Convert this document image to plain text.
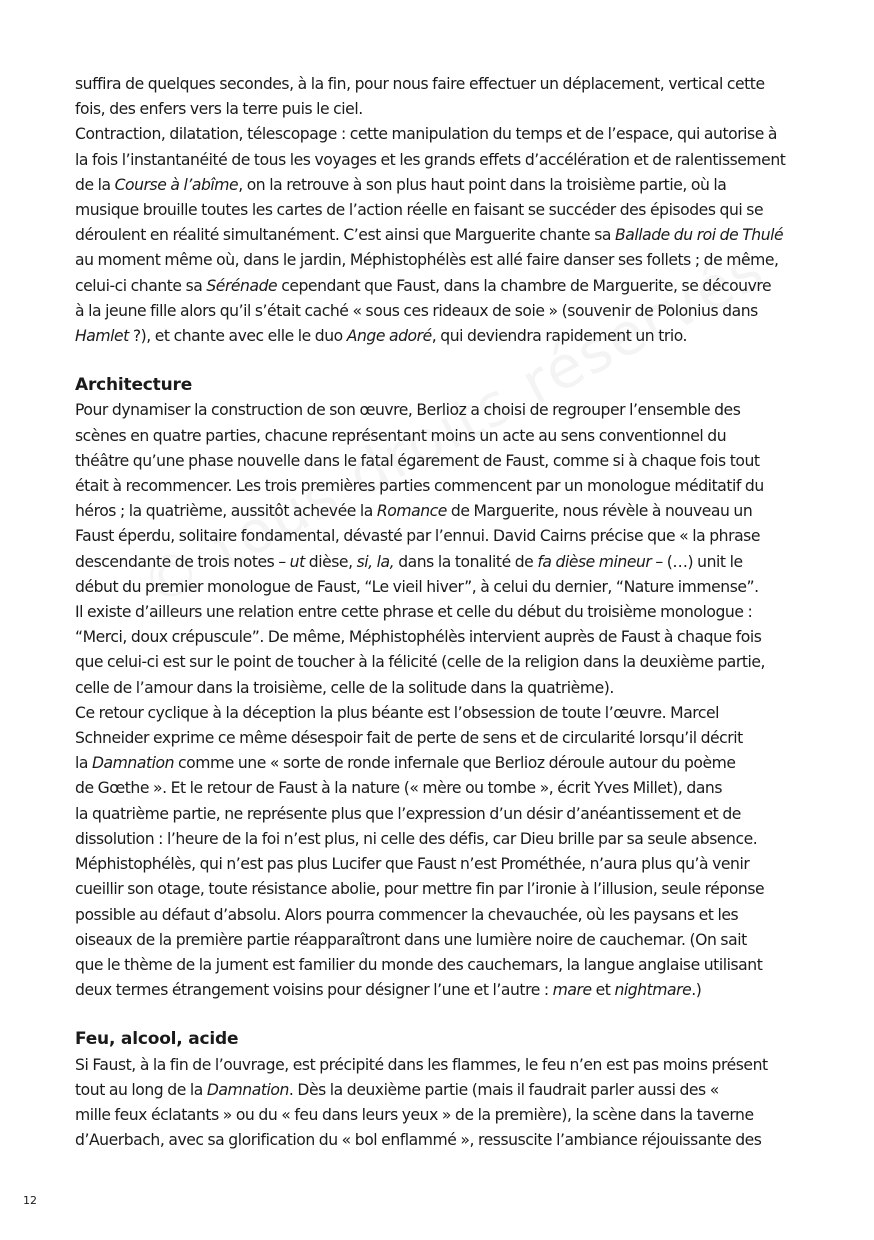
suffira de quelques secondes, à la fin, pour nous faire effectuer un déplacement, vertical cette
fois, des enfers vers la terre puis le ciel.

Contraction, dilatation, télescopage : cette manipulation du temps et de l’espace, qui autorise à
la fois l’instantanéité de tous les voyages et les grands effets d’accélération et de ralentissement
de la Course à l’abîme, on la retrouve à son plus haut point dans la troisième partie, où la
musique brouille toutes les cartes de l’action réelle en faisant se succéder des épisodes qui se
déroulent en réalité simultanément. C’est ainsi que Marguerite chante sa Ballade du roi de Thulé
au moment même où, dans le jardin, Méphistophélès est allé faire danser ses follets ; de même,
celui-ci chante sa Sérénade cependant que Faust, dans la chambre de Marguerite, se découvre
à la jeune fille alors qu’il s’était caché « sous ces rideaux de soie » (souvenir de Polonius dans
Hamlet ?), et chante avec elle le duo Ange adoré, qui deviendra rapidement un trio.

Architecture

Pour dynamiser la construction de son œuvre, Berlioz a choisi de regrouper l’ensemble des
scènes en quatre parties, chacune représentant moins un acte au sens conventionnel du
théâtre qu’une phase nouvelle dans le fatal égarement de Faust, comme si à chaque fois tout
était à recommencer. Les trois premières parties commencent par un monologue méditatif du
héros ; la quatrième, aussitôt achevée la Romance de Marguerite, nous révèle à nouveau un
Faust éperdu, solitaire fondamental, dévasté par l’ennui. David Cairns précise que « la phrase
descendante de trois notes – ut dièse, si, la, dans la tonalité de fa dièse mineur – (…) unit le
début du premier monologue de Faust, “Le vieil hiver”, à celui du dernier, “Nature immense”.
Il existe d’ailleurs une relation entre cette phrase et celle du début du troisième monologue :
“Merci, doux crépuscule”. De même, Méphistophélès intervient auprès de Faust à chaque fois
que celui-ci est sur le point de toucher à la félicité (celle de la religion dans la deuxième partie,
celle de l’amour dans la troisième, celle de la solitude dans la quatrième).

Ce retour cyclique à la déception la plus béante est l’obsession de toute l’œuvre. Marcel
Schneider exprime ce même désespoir fait de perte de sens et de circularité lorsqu’il décrit
la Damnation comme une « sorte de ronde infernale que Berlioz déroule autour du poème
de Gœthe ». Et le retour de Faust à la nature (« mère ou tombe », écrit Yves Millet), dans
la quatrième partie, ne représente plus que l’expression d’un désir d’anéantissement et de
dissolution : l’heure de la foi n’est plus, ni celle des défis, car Dieu brille par sa seule absence.
Méphistophélès, qui n’est pas plus Lucifer que Faust n’est Prométhée, n’aura plus qu’à venir
cueillir son otage, toute résistance abolie, pour mettre fin par l’ironie à l’illusion, seule réponse
possible au défaut d’absolu. Alors pourra commencer la chevauchée, où les paysans et les
oiseaux de la première partie réapparaîtront dans une lumière noire de cauchemar. (On sait
que le thème de la jument est familier du monde des cauchemars, la langue anglaise utilisant
deux termes étrangement voisins pour désigner l’une et l’autre : mare et nightmare.)

Feu, alcool, acide

Si Faust, à la fin de l’ouvrage, est précipité dans les flammes, le feu n’en est pas moins présent
tout au long de la Damnation. Dès la deuxième partie (mais il faudrait parler aussi des «
mille feux éclatants » ou du « feu dans leurs yeux » de la première), la scène dans la taverne
d’Auerbach, avec sa glorification du « bol enflammé », ressuscite l’ambiance réjouissante des

12
